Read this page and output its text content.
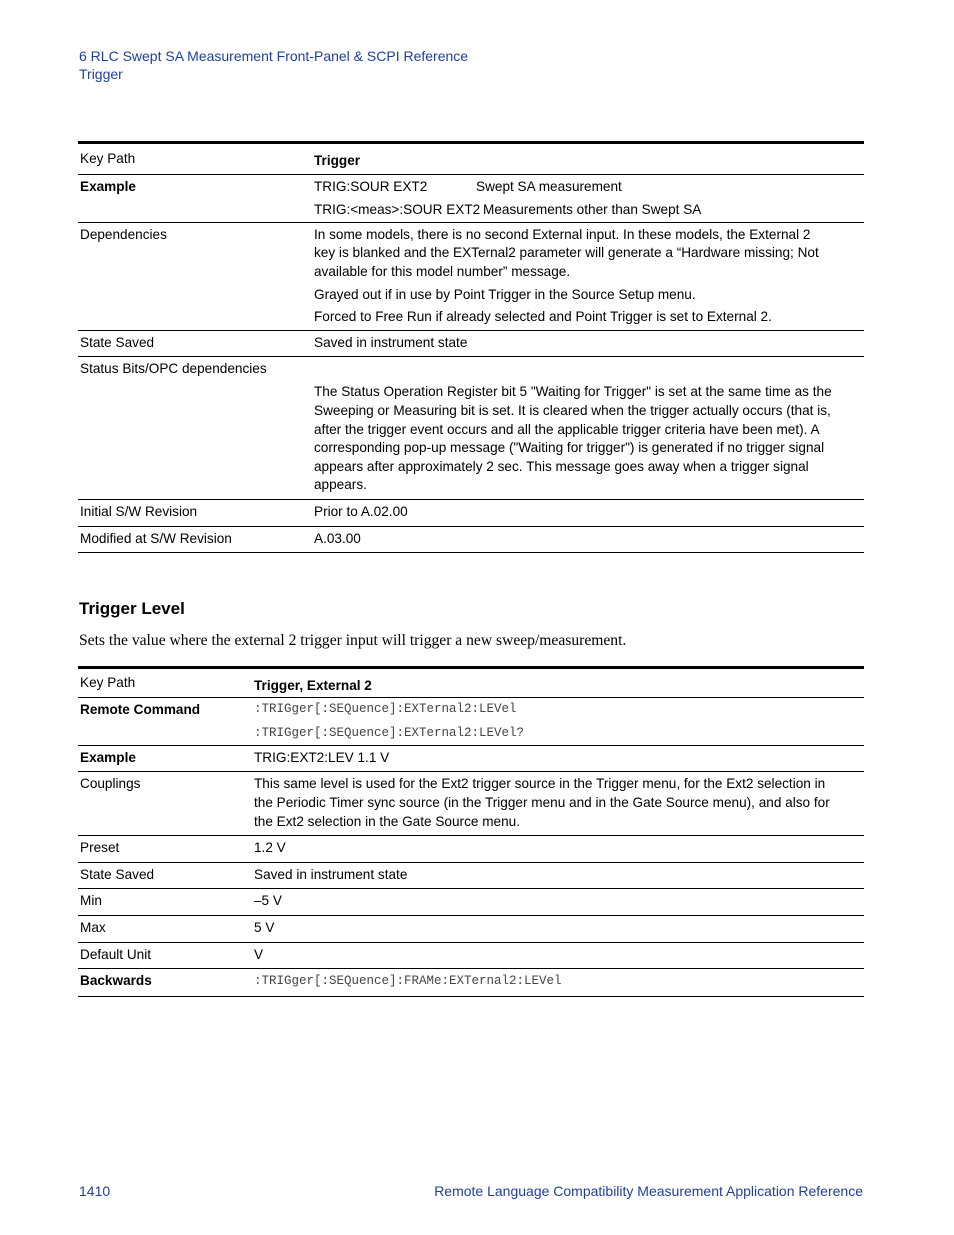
6 RLC Swept SA Measurement Front-Panel & SCPI Reference
Trigger
Key Path	Trigger
Example	TRIG:SOUR EXT2 Swept SA measurement

TRIG:<meas>:SOUR EXT2 Measurements other than Swept SA

Dependencies	In some models, there is no second External input. In these models, the External 2 key is blanked and the EXTernal2 parameter will generate a “Hardware missing; Not available for this model number” message.

Grayed out if in use by Point Trigger in the Source Setup menu.

Forced to Free Run if already selected and Point Trigger is set to External 2.

State Saved	Saved in instrument state
Status Bits/OPC dependencies	The Status Operation Register bit 5 "Waiting for Trigger" is set at the same time as the Sweeping or Measuring bit is set. It is cleared when the trigger actually occurs (that is, after the trigger event occurs and all the applicable trigger criteria have been met). A corresponding pop-up message ("Waiting for trigger") is generated if no trigger signal appears after approximately 2 sec. This message goes away when a trigger signal appears.
Initial S/W Revision	Prior to A.02.00
Modified at S/W Revision	A.03.00
Trigger Level

Sets the value where the external 2 trigger input will trigger a new sweep/measurement.

Key Path	Trigger, External 2
Remote Command	:TRIGger[:SEQuence]:EXTernal2:LEVel

:TRIGger[:SEQuence]:EXTernal2:LEVel?

Example	TRIG:EXT2:LEV 1.1 V
Couplings	This same level is used for the Ext2 trigger source in the Trigger menu, for the Ext2 selection in the Periodic Timer sync source (in the Trigger menu and in the Gate Source menu), and also for the Ext2 selection in the Gate Source menu.
Preset	1.2 V
State Saved	Saved in instrument state
Min	–5 V
Max	5 V
Default Unit	V
Backwards	:TRIGger[:SEQuence]:FRAMe:EXTernal2:LEVel
1410	Remote Language Compatibility Measurement Application Reference
